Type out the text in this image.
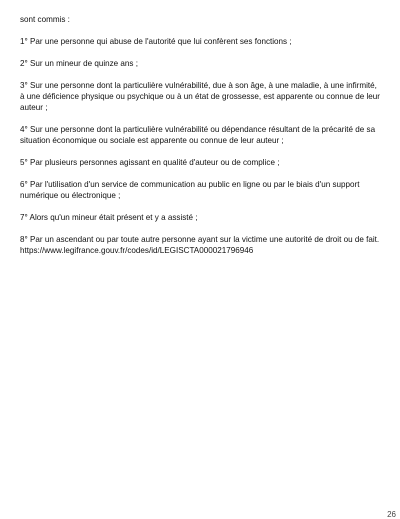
sont commis :

1° Par une personne qui abuse de l'autorité que lui confèrent ses fonctions ;

2° Sur un mineur de quinze ans ;

3° Sur une personne dont la particulière vulnérabilité, due à son âge, à une maladie, à une infirmité,
à une déficience physique ou psychique ou à un état de grossesse, est apparente ou connue de leur
auteur ;

4° Sur une personne dont la particulière vulnérabilité ou dépendance résultant de la précarité de sa
situation économique ou sociale est apparente ou connue de leur auteur ;

5° Par plusieurs personnes agissant en qualité d'auteur ou de complice ;

6° Par l'utilisation d'un service de communication au public en ligne ou par le biais d'un support
numérique ou électronique ;

7° Alors qu'un mineur était présent et y a assisté ;

8° Par un ascendant ou par toute autre personne ayant sur la victime une autorité de droit ou de fait.
https://www.legifrance.gouv.fr/codes/id/LEGISCTA000021796946

26
